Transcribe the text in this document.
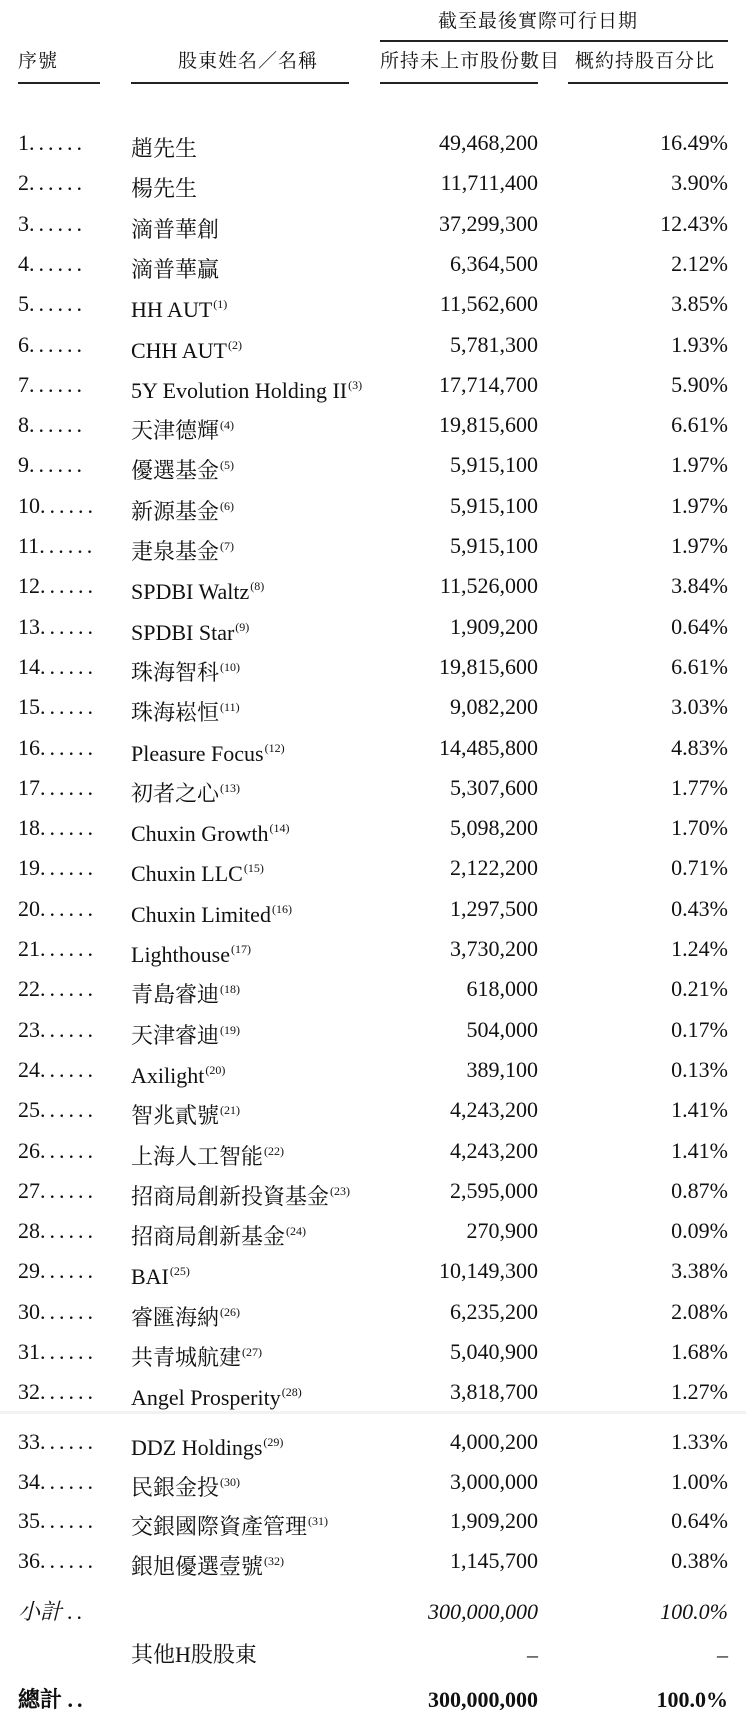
截至最後實際可行日期
序號	股東姓名／名稱	所持未上市股份數目 概約持股百分比
1...... 趙先生	49,468,200	16.49%
2...... 楊先生	11,711,400	3.90%
3...... 滴普華創	37,299,300	12.43%
4...... 滴普華贏	6,364,500	2.12%
5...... HH AUT$^{(1)}$	11,562,600	3.85%
6...... CHH AUT$^{(2)}$	5,781,300	1.93%
7...... 5Y Evolution Holding II$^{(3)}$	17,714,700	5.90%
8...... 天津德輝$^{(4)}$	19,815,600	6.61%
9...... 優選基金$^{(5)}$	5,915,100	1.97%
10...... 新源基金$^{(6)}$	5,915,100	1.97%
11...... 疌泉基金$^{(7)}$	5,915,100	1.97%
12...... SPDBI Waltz$^{(8)}$	11,526,000	3.84%
13...... SPDBI Star$^{(9)}$	1,909,200	0.64%
14...... 珠海智科$^{(10)}$	19,815,600	6.61%
15...... 珠海崧恒$^{(11)}$	9,082,200	3.03%
16...... Pleasure Focus$^{(12)}$	14,485,800	4.83%
17...... 初者之心$^{(13)}$	5,307,600	1.77%
18...... Chuxin Growth$^{(14)}$	5,098,200	1.70%
19...... Chuxin LLC$^{(15)}$	2,122,200	0.71%
20...... Chuxin Limited$^{(16)}$	1,297,500	0.43%
21...... Lighthouse$^{(17)}$	3,730,200	1.24%
22...... 青島睿迪$^{(18)}$	618,000	0.21%
23...... 天津睿迪$^{(19)}$	504,000	0.17%
24...... Axilight$^{(20)}$	389,100	0.13%
25...... 智兆貳號$^{(21)}$	4,243,200	1.41%
26...... 上海人工智能$^{(22)}$	4,243,200	1.41%
27...... 招商局創新投資基金$^{(23)}$	2,595,000	0.87%
28...... 招商局創新基金$^{(24)}$	270,900	0.09%
29...... BAI$^{(25)}$	10,149,300	3.38%
30...... 睿匯海納$^{(26)}$	6,235,200	2.08%
31...... 共青城航建$^{(27)}$	5,040,900	1.68%
32...... Angel Prosperity$^{(28)}$	3,818,700	1.27%
33...... DDZ Holdings$^{(29)}$	4,000,200	1.33%
34...... 民銀金投$^{(30)}$	3,000,000	1.00%
35...... 交銀國際資產管理$^{(31)}$	1,909,200	0.64%
36...... 銀旭優選壹號$^{(32)}$	1,145,700	0.38%
小計 ..	300,000,000	100.0%
其他H股股東	–	–
總計 ..	300,000,000	100.0%
